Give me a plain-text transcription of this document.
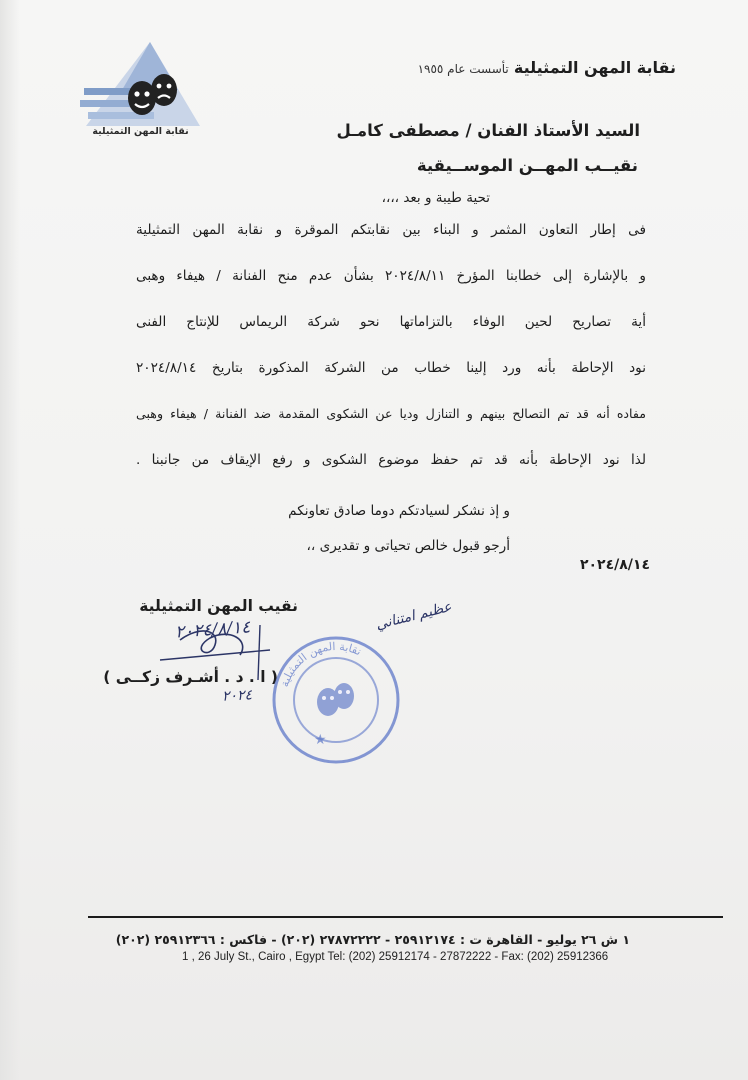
نقابة المهن التمثيلية
نقابة المهن التمثيلية تأسست عام ١٩٥٥
السيد الأستاذ الفنان / مصطفى كامـل
نقيــب المهــن الموســيقية
تحية طيبة و بعد ،،،،
فى إطار التعاون المثمر و البناء بين نقابتكم الموقرة و نقابة المهن التمثيلية
و بالإشارة إلى خطابنا المؤرخ ٢٠٢٤/٨/١١ بشأن عدم منح الفنانة / هيفاء وهبى
أية تصاريح لحين الوفاء بالتزاماتها نحو شركة الريماس للإنتاج الفنى
نود الإحاطة بأنه ورد إلينا خطاب من الشركة المذكورة بتاريخ ٢٠٢٤/٨/١٤
مفاده أنه قد تم التصالح بينهم و التنازل وديا عن الشكوى المقدمة ضد الفنانة / هيفاء وهبى
لذا نود الإحاطة بأنه قد تم حفظ موضوع الشكوى و رفع الإيقاف من جانبنا .
و إذ نشكر لسيادتكم دوما صادق تعاونكم
أرجو قبول خالص تحياتى و تقديرى ،،
٢٠٢٤/٨/١٤
نقيب المهن التمثيلية
( ا . د . أشـرف زكــى )
٢٠٢٤/٨/١٤	عظيم امتناني
٢٠٢٤
نقابة المهن التمثيلية
★
١ ش ٢٦ يوليو - القاهرة ت : ٢٥٩١٢١٧٤ - ٢٧٨٧٢٢٢٢ (٢٠٢) - فاكس : ٢٥٩١٢٣٦٦ (٢٠٢)
1 , 26 July St., Cairo , Egypt Tel: (202) 25912174 - 27872222 - Fax: (202) 25912366
